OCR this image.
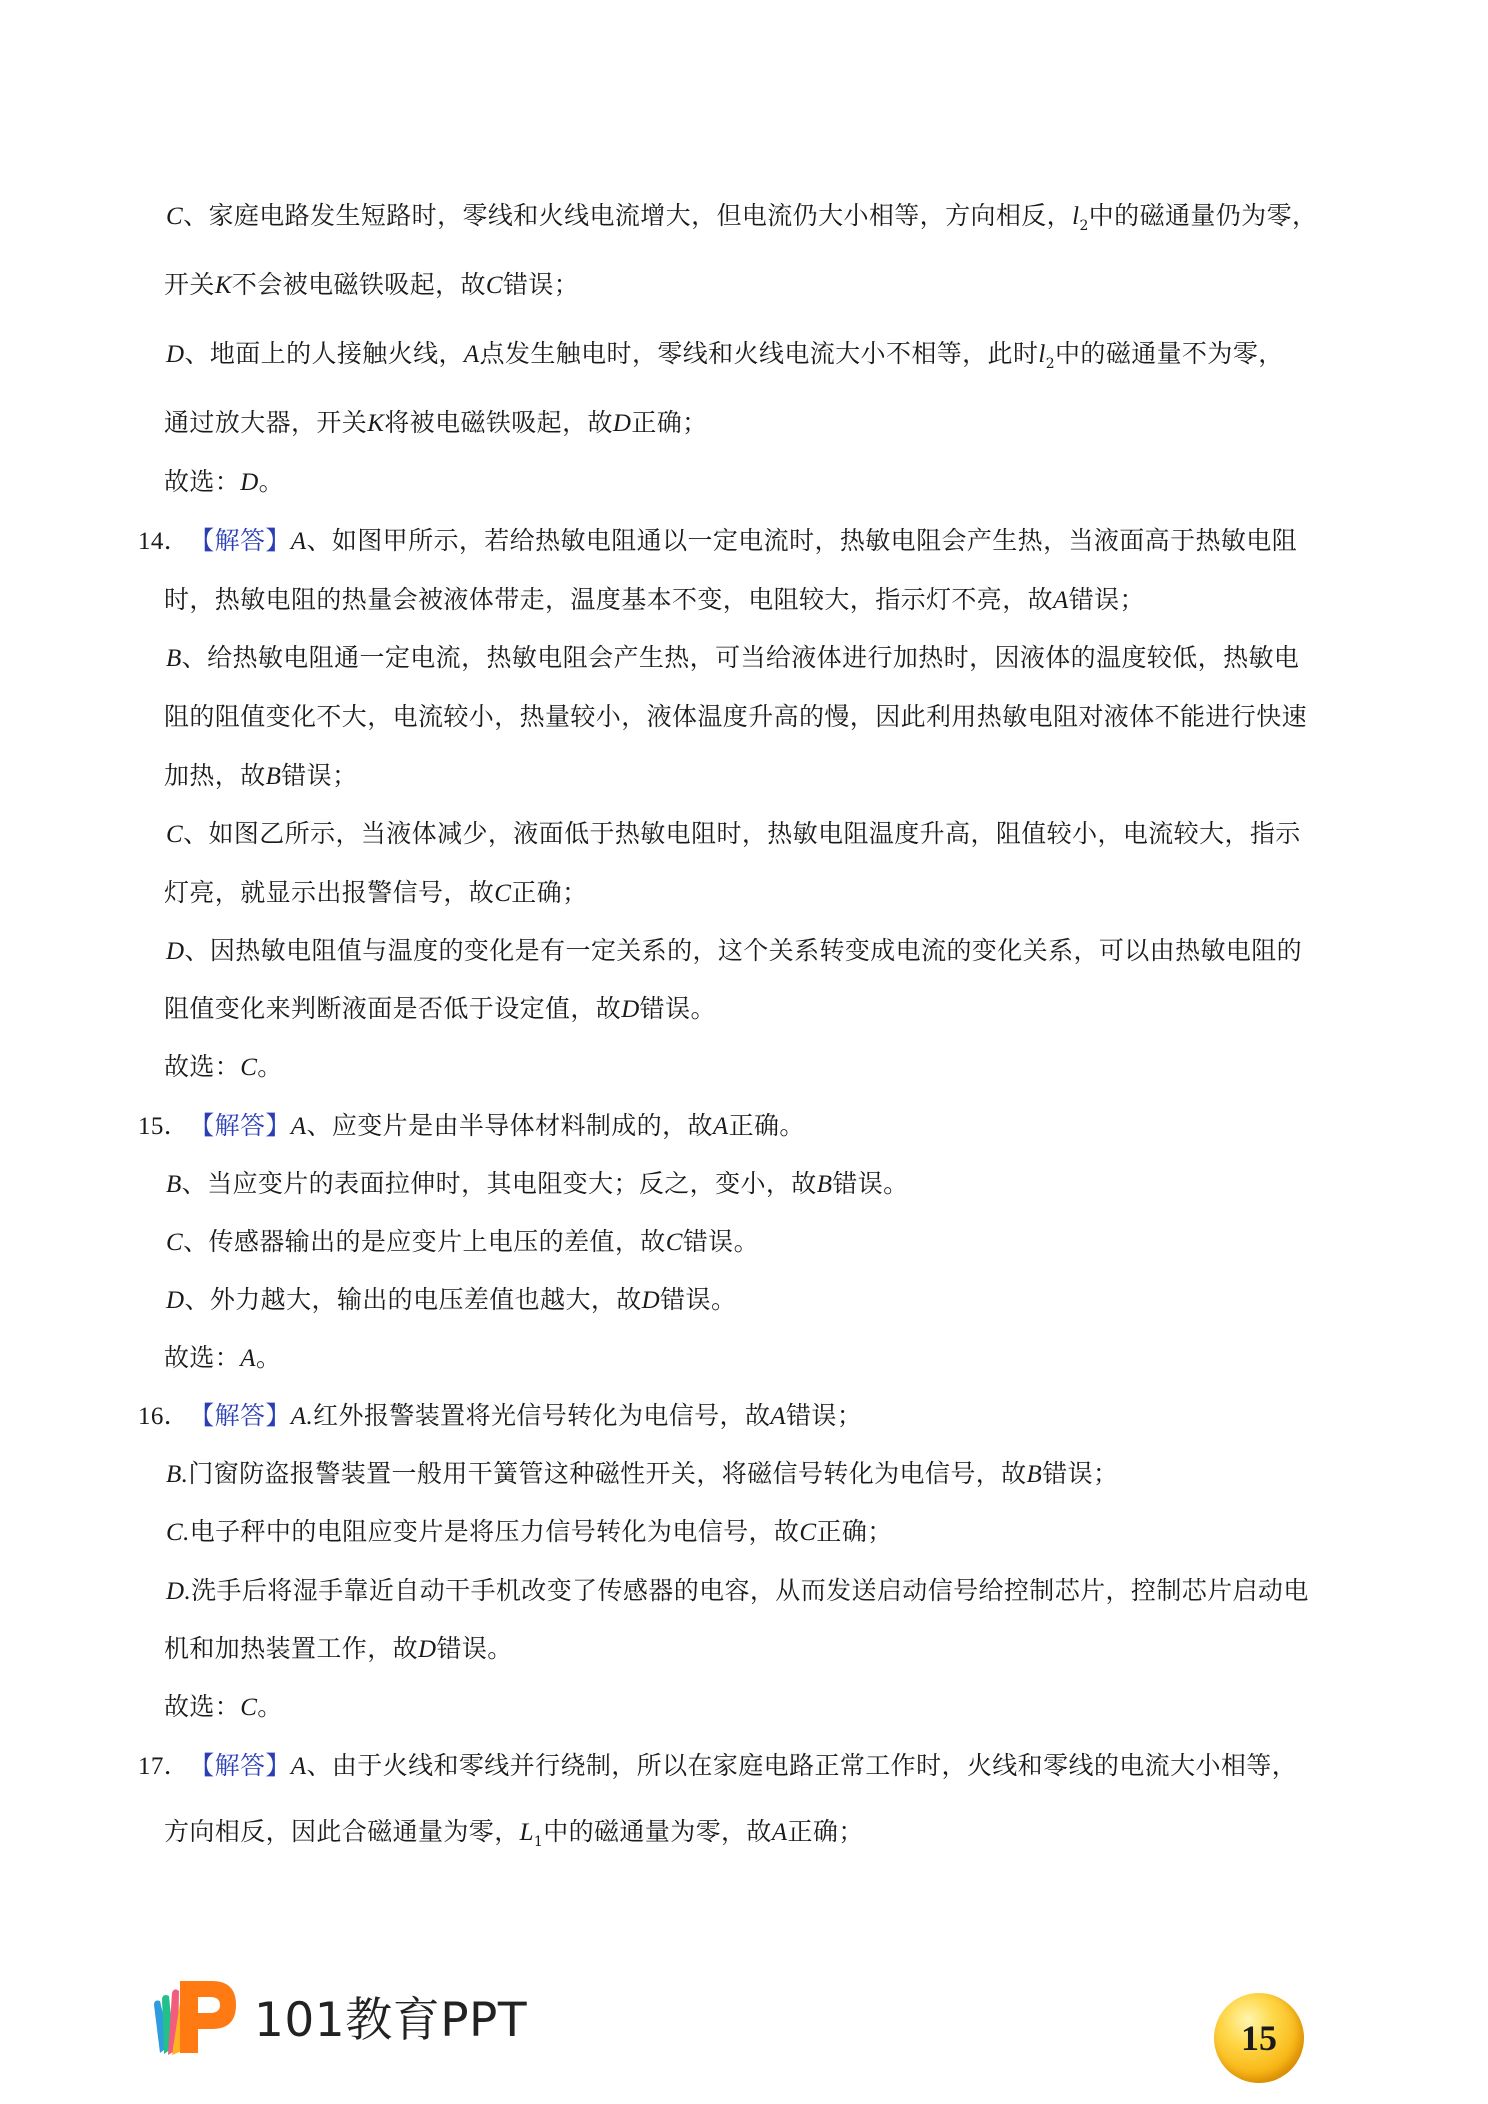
C、家庭电路发生短路时，零线和火线电流增大，但电流仍大小相等，方向相反，$l_2$中的磁通量仍为零，
开关K不会被电磁铁吸起，故C错误；
D、地面上的人接触火线，A点发生触电时，零线和火线电流大小不相等，此时$l_2$中的磁通量不为零，
通过放大器，开关K将被电磁铁吸起，故D正确；
故选：D。
14．【解答】A、如图甲所示，若给热敏电阻通以一定电流时，热敏电阻会产生热，当液面高于热敏电阻
时，热敏电阻的热量会被液体带走，温度基本不变，电阻较大，指示灯不亮，故A错误；
B、给热敏电阻通一定电流，热敏电阻会产生热，可当给液体进行加热时，因液体的温度较低，热敏电
阻的阻值变化不大，电流较小，热量较小，液体温度升高的慢，因此利用热敏电阻对液体不能进行快速
加热，故B错误；
C、如图乙所示，当液体减少，液面低于热敏电阻时，热敏电阻温度升高，阻值较小，电流较大，指示
灯亮，就显示出报警信号，故C正确；
D、因热敏电阻值与温度的变化是有一定关系的，这个关系转变成电流的变化关系，可以由热敏电阻的
阻值变化来判断液面是否低于设定值，故D错误。
故选：C。
15．【解答】A、应变片是由半导体材料制成的，故A正确。
B、当应变片的表面拉伸时，其电阻变大；反之，变小，故B错误。
C、传感器输出的是应变片上电压的差值，故C错误。
D、外力越大，输出的电压差值也越大，故D错误。
故选：A。
16．【解答】A.红外报警装置将光信号转化为电信号，故A错误；
B.门窗防盗报警装置一般用干簧管这种磁性开关，将磁信号转化为电信号，故B错误；
C.电子秤中的电阻应变片是将压力信号转化为电信号，故C正确；
D.洗手后将湿手靠近自动干手机改变了传感器的电容，从而发送启动信号给控制芯片，控制芯片启动电
机和加热装置工作，故D错误。
故选：C。
17．【解答】A、由于火线和零线并行绕制，所以在家庭电路正常工作时，火线和零线的电流大小相等，
方向相反，因此合磁通量为零，$L_1$中的磁通量为零，故A正确；
101教育PPT	15
